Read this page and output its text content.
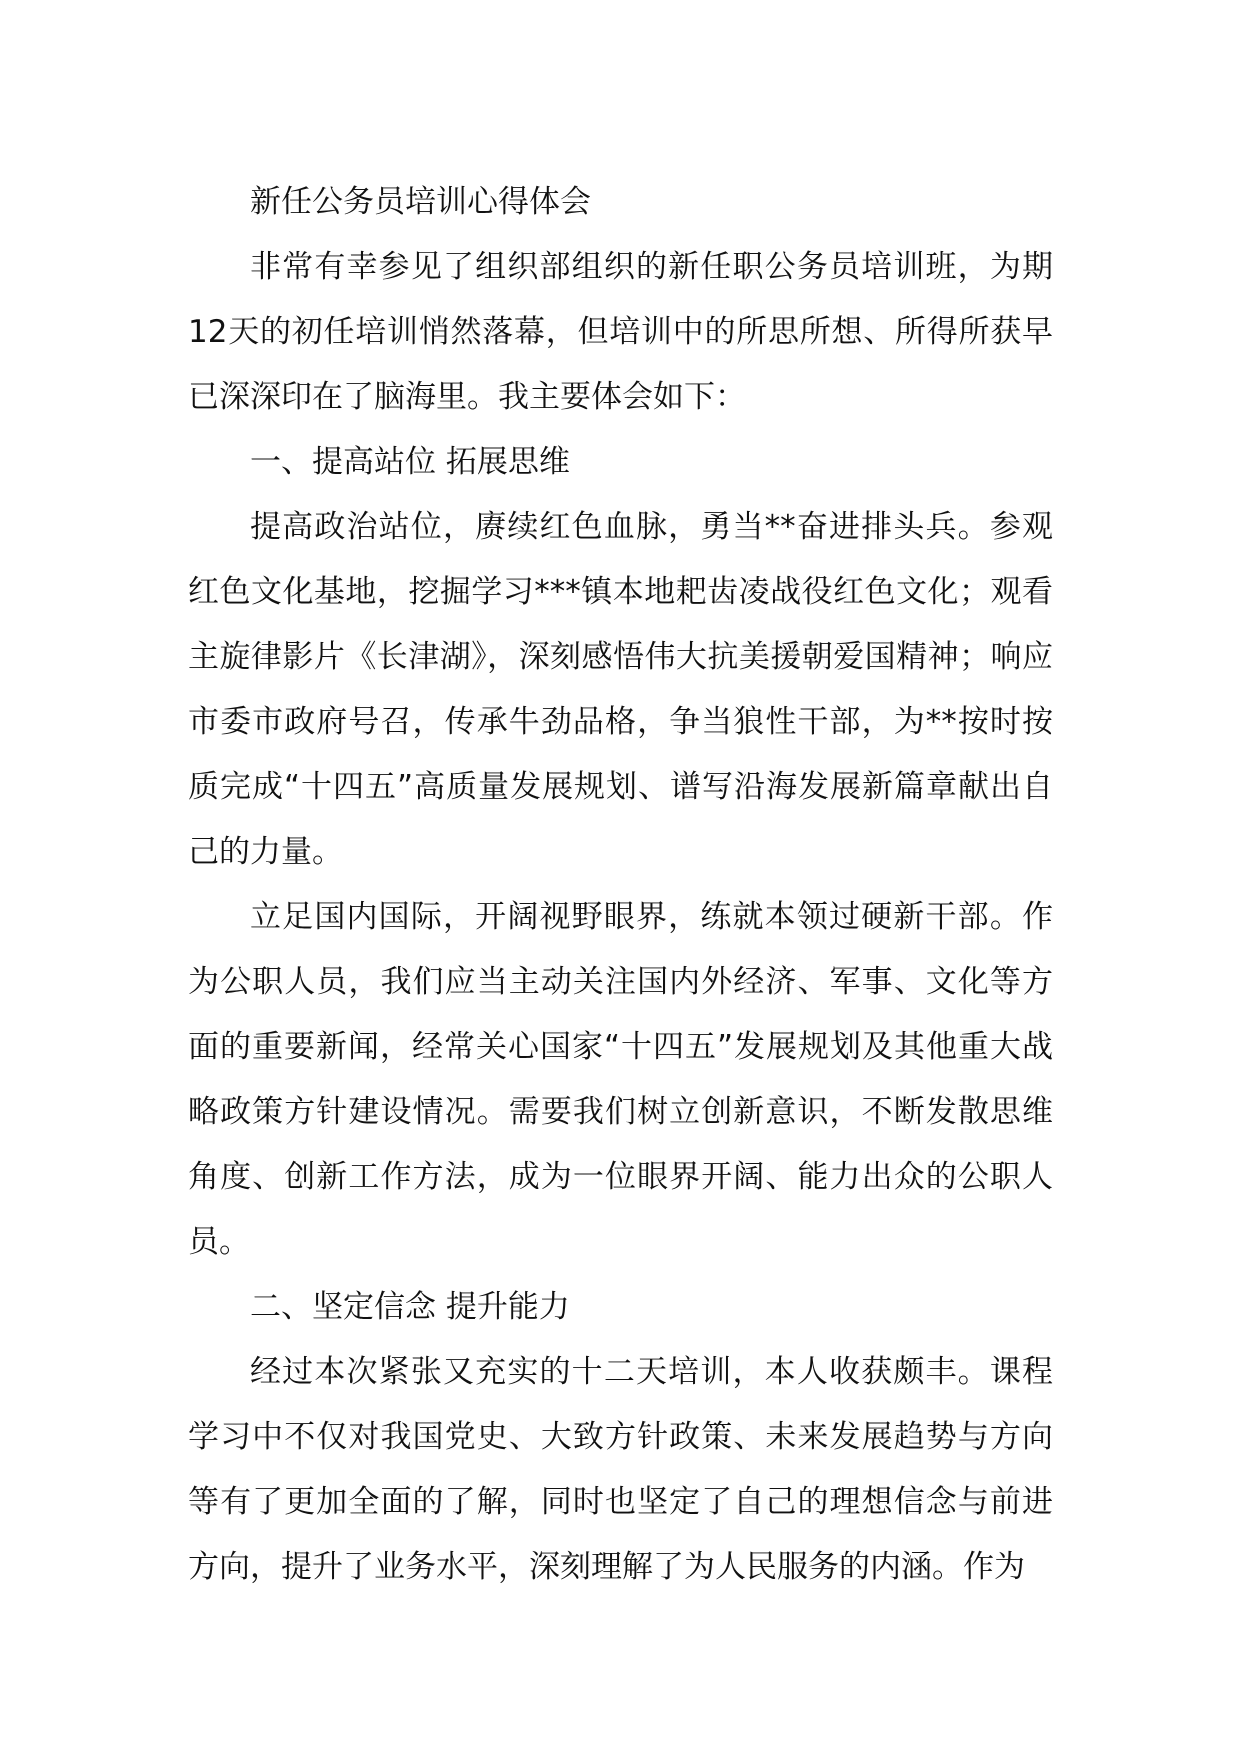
新任公务员培训心得体会

非常有幸参见了组织部组织的新任职公务员培训班，为期12天的初任培训悄然落幕，但培训中的所思所想、所得所获早已深深印在了脑海里。我主要体会如下：

一、提高站位 拓展思维

提高政治站位，赓续红色血脉，勇当**奋进排头兵。参观红色文化基地，挖掘学习***镇本地耙齿凌战役红色文化；观看主旋律影片《长津湖》，深刻感悟伟大抗美援朝爱国精神；响应市委市政府号召，传承牛劲品格，争当狼性干部，为**按时按质完成“十四五”高质量发展规划、谱写沿海发展新篇章献出自己的力量。

立足国内国际，开阔视野眼界，练就本领过硬新干部。作为公职人员，我们应当主动关注国内外经济、军事、文化等方面的重要新闻，经常关心国家“十四五”发展规划及其他重大战略政策方针建设情况。需要我们树立创新意识，不断发散思维角度、创新工作方法，成为一位眼界开阔、能力出众的公职人员。

二、坚定信念 提升能力

经过本次紧张又充实的十二天培训，本人收获颇丰。课程学习中不仅对我国党史、大致方针政策、未来发展趋势与方向等有了更加全面的了解，同时也坚定了自己的理想信念与前进方向，提升了业务水平，深刻理解了为人民服务的内涵。作为
